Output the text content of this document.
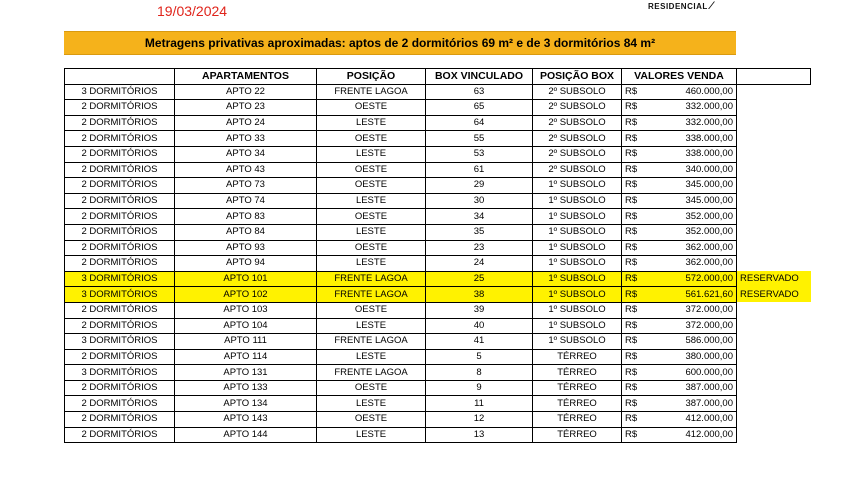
19/03/2024	RESIDENCIAL ⁄
Metragens privativas aproximadas: aptos de 2 dormitórios 69 m² e de 3 dormitórios 84 m²
	APARTAMENTOS	POSIÇÃO	BOX VINCULADO	POSIÇÃO BOX	VALORES VENDA		
3 DORMITÓRIOS	APTO 22	FRENTE LAGOA	63	2º SUBSOLO	R$	460.000,00	
2 DORMITÓRIOS	APTO 23	OESTE	65	2º SUBSOLO	R$	332.000,00	
2 DORMITÓRIOS	APTO 24	LESTE	64	2º SUBSOLO	R$	332.000,00	
2 DORMITÓRIOS	APTO 33	OESTE	55	2º SUBSOLO	R$	338.000,00	
2 DORMITÓRIOS	APTO 34	LESTE	53	2º SUBSOLO	R$	338.000,00	
2 DORMITÓRIOS	APTO 43	OESTE	61	2º SUBSOLO	R$	340.000,00	
2 DORMITÓRIOS	APTO 73	OESTE	29	1º SUBSOLO	R$	345.000,00	
2 DORMITÓRIOS	APTO 74	LESTE	30	1º SUBSOLO	R$	345.000,00	
2 DORMITÓRIOS	APTO 83	OESTE	34	1º SUBSOLO	R$	352.000,00	
2 DORMITÓRIOS	APTO 84	LESTE	35	1º SUBSOLO	R$	352.000,00	
2 DORMITÓRIOS	APTO 93	OESTE	23	1º SUBSOLO	R$	362.000,00	
2 DORMITÓRIOS	APTO 94	LESTE	24	1º SUBSOLO	R$	362.000,00	
3 DORMITÓRIOS	APTO 101	FRENTE LAGOA	25	1º SUBSOLO	R$	572.000,00	RESERVADO
3 DORMITÓRIOS	APTO 102	FRENTE LAGOA	38	1º SUBSOLO	R$	561.621,60	RESERVADO
2 DORMITÓRIOS	APTO 103	OESTE	39	1º SUBSOLO	R$	372.000,00	
2 DORMITÓRIOS	APTO 104	LESTE	40	1º SUBSOLO	R$	372.000,00	
3 DORMITÓRIOS	APTO 111	FRENTE LAGOA	41	1º SUBSOLO	R$	586.000,00	
2 DORMITÓRIOS	APTO 114	LESTE	5	TÉRREO	R$	380.000,00	
3 DORMITÓRIOS	APTO 131	FRENTE LAGOA	8	TÉRREO	R$	600.000,00	
2 DORMITÓRIOS	APTO 133	OESTE	9	TÉRREO	R$	387.000,00	
2 DORMITÓRIOS	APTO 134	LESTE	11	TÉRREO	R$	387.000,00	
2 DORMITÓRIOS	APTO 143	OESTE	12	TÉRREO	R$	412.000,00	
2 DORMITÓRIOS	APTO 144	LESTE	13	TÉRREO	R$	412.000,00	
